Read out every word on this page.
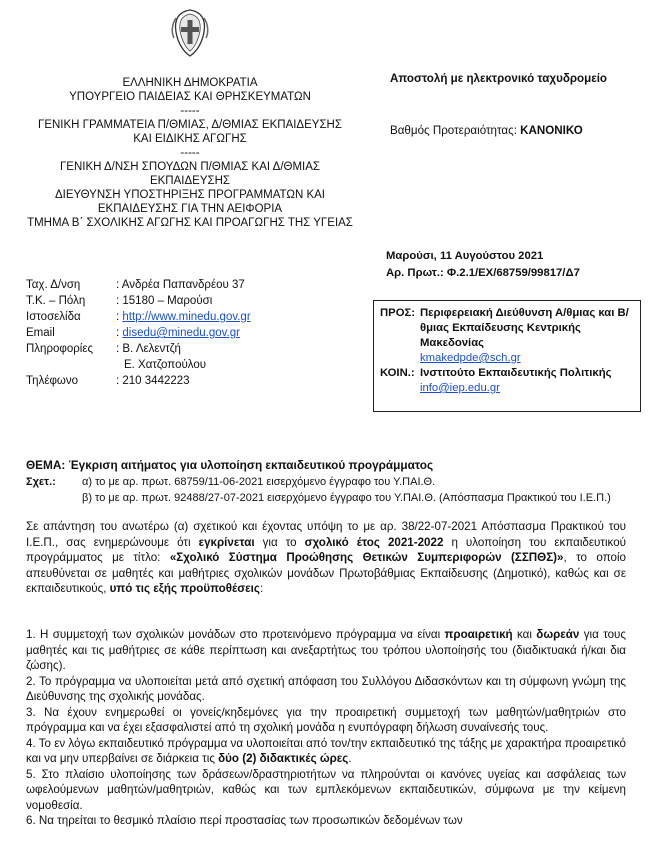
ΕΛΛΗΝΙΚΗ ΔΗΜΟΚΡΑΤΙΑ
ΥΠΟΥΡΓΕΙΟ ΠΑΙΔΕΙΑΣ ΚΑΙ ΘΡΗΣΚΕΥΜΑΤΩΝ
-----
ΓΕΝΙΚΗ ΓΡΑΜΜΑΤΕΙΑ Π/ΘΜΙΑΣ, Δ/ΘΜΙΑΣ ΕΚΠΑΙΔΕΥΣΗΣ
ΚΑΙ ΕΙΔΙΚΗΣ ΑΓΩΓΗΣ
-----
ΓΕΝΙΚΗ Δ/ΝΣΗ ΣΠΟΥΔΩΝ Π/ΘΜΙΑΣ ΚΑΙ Δ/ΘΜΙΑΣ
ΕΚΠΑΙΔΕΥΣΗΣ
ΔΙΕΥΘΥΝΣΗ ΥΠΟΣΤΗΡΙΞΗΣ ΠΡΟΓΡΑΜΜΑΤΩΝ ΚΑΙ
ΕΚΠΑΙΔΕΥΣΗΣ ΓΙΑ ΤΗΝ ΑΕΙΦΟΡΙΑ
ΤΜΗΜΑ Β΄ ΣΧΟΛΙΚΗΣ ΑΓΩΓΗΣ ΚΑΙ ΠΡΟΑΓΩΓΗΣ ΤΗΣ ΥΓΕΙΑΣ
Αποστολή με ηλεκτρονικό ταχυδρομείο
Βαθμός Προτεραιότητας: ΚΑΝΟΝΙΚΟ
Μαρούσι, 11 Αυγούστου 2021
Αρ. Πρωτ.: Φ.2.1/ΕΧ/68759/99817/Δ7
Ταχ. Δ/νση	: Ανδρέα Παπανδρέου 37
Τ.Κ. – Πόλη	: 15180 – Μαρούσι
Ιστοσελίδα	: http://www.minedu.gov.gr
Email	: disedu@minedu.gov.gr
Πληροφορίες	: Β. Λελεντζή
Ε. Χατζοπούλου
Τηλέφωνο	: 210 3442223
ΠΡΟΣ: Περιφερειακή Διεύθυνση Α/θμιας και Β/θμιας Εκπαίδευσης Κεντρικής Μακεδονίας
kmakedpde@sch.gr
ΚΟΙΝ.: Ινστιτούτο Εκπαιδευτικής Πολιτικής
info@iep.edu.gr
ΘΕΜΑ: Έγκριση αιτήματος για υλοποίηση εκπαιδευτικού προγράμματος
Σχετ.:	α) το με αρ. πρωτ. 68759/11-06-2021 εισερχόμενο έγγραφο του Υ.ΠΑΙ.Θ.
β) το με αρ. πρωτ. 92488/27-07-2021 εισερχόμενο έγγραφο του Υ.ΠΑΙ.Θ. (Απόσπασμα Πρακτικού του Ι.Ε.Π.)
Σε απάντηση του ανωτέρω (α) σχετικού και έχοντας υπόψη το με αρ. 38/22-07-2021 Απόσπασμα Πρακτικού του Ι.Ε.Π., σας ενημερώνουμε ότι εγκρίνεται για το σχολικό έτος 2021-2022 η υλοποίηση του εκπαιδευτικού προγράμματος με τίτλο: «Σχολικό Σύστημα Προώθησης Θετικών Συμπεριφορών (ΣΣΠΘΣ)», το οποίο απευθύνεται σε μαθητές και μαθήτριες σχολικών μονάδων Πρωτοβάθμιας Εκπαίδευσης (Δημοτικό), καθώς και σε εκπαιδευτικούς, υπό τις εξής προϋποθέσεις:

1. Η συμμετοχή των σχολικών μονάδων στο προτεινόμενο πρόγραμμα να είναι προαιρετική και δωρεάν για τους μαθητές και τις μαθήτριες σε κάθε περίπτωση και ανεξαρτήτως του τρόπου υλοποίησής του (διαδικτυακά ή/και δια ζώσης).

2. Το πρόγραμμα να υλοποιείται μετά από σχετική απόφαση του Συλλόγου Διδασκόντων και τη σύμφωνη γνώμη της Διεύθυνσης της σχολικής μονάδας.

3. Να έχουν ενημερωθεί οι γονείς/κηδεμόνες για την προαιρετική συμμετοχή των μαθητών/μαθητριών στο πρόγραμμα και να έχει εξασφαλιστεί από τη σχολική μονάδα η ενυπόγραφη δήλωση συναίνεσής τους.

4. Το εν λόγω εκπαιδευτικό πρόγραμμα να υλοποιείται από τον/την εκπαιδευτικό της τάξης με χαρακτήρα προαιρετικό και να μην υπερβαίνει σε διάρκεια τις δύο (2) διδακτικές ώρες.

5. Στο πλαίσιο υλοποίησης των δράσεων/δραστηριοτήτων να πληρούνται οι κανόνες υγείας και ασφάλειας των ωφελούμενων μαθητών/μαθητριών, καθώς και των εμπλεκόμενων εκπαιδευτικών, σύμφωνα με την κείμενη νομοθεσία.

6. Να τηρείται το θεσμικό πλαίσιο περί προστασίας των προσωπικών δεδομένων των
